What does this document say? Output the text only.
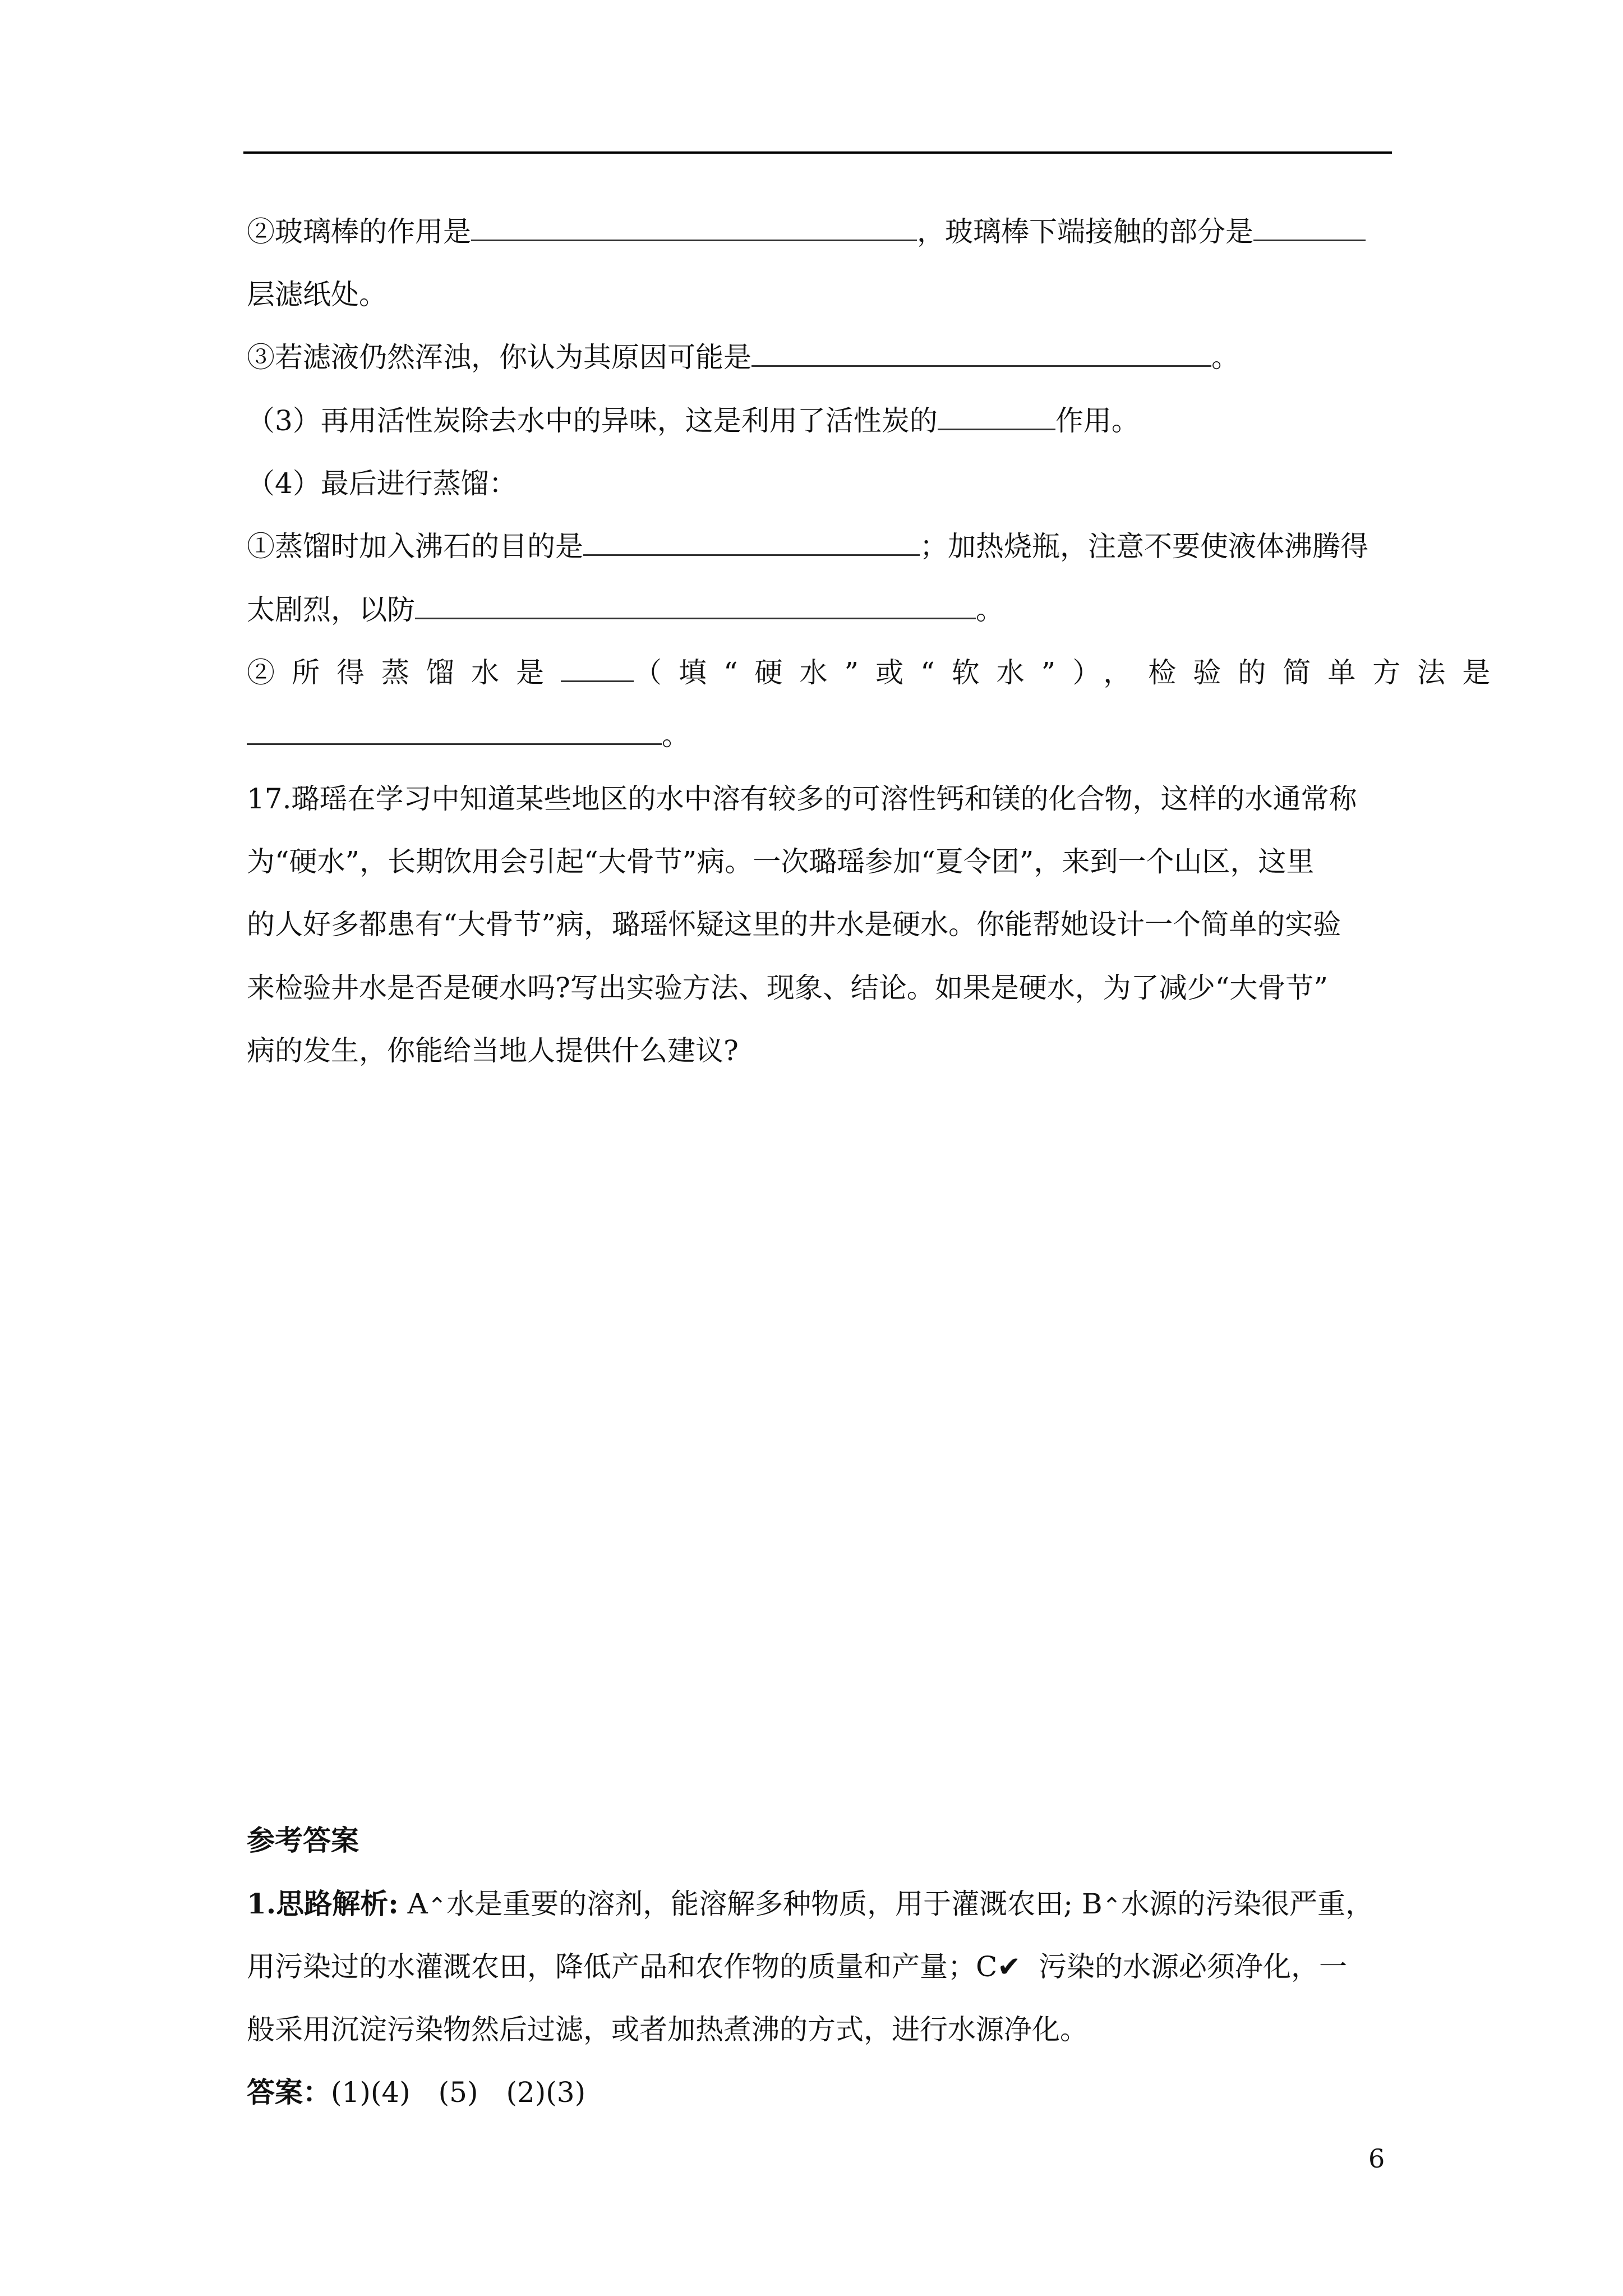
②玻璃棒的作用是	，玻璃棒下端接触的部分是
层滤纸处。
③若滤液仍然浑浊，你认为其原因可能是	。
（3）再用活性炭除去水中的异味，这是利用了活性炭的	作用。
（4）最后进行蒸馏：
①蒸馏时加入沸石的目的是	；加热烧瓶，注意不要使液体沸腾得
太剧烈，以防	。
②所得蒸馏水是	（填“硬水”或“软水”），检验的简单方法是
。
17.璐瑶在学习中知道某些地区的水中溶有较多的可溶性钙和镁的化合物，这样的水通常称
为“硬水”，长期饮用会引起“大骨节”病。一次璐瑶参加“夏令团”，来到一个山区，这里
的人好多都患有“大骨节”病，璐瑶怀疑这里的井水是硬水。你能帮她设计一个简单的实验
来检验井水是否是硬水吗?写出实验方法、现象、结论。如果是硬水，为了减少“大骨节”
病的发生，你能给当地人提供什么建议?
参考答案
1.思路解析: A⌃水是重要的溶剂，能溶解多种物质，用于灌溉农田; B⌃水源的污染很严重，
用污染过的水灌溉农田，降低产品和农作物的质量和产量；C✔ 污染的水源必须净化，一
般采用沉淀污染物然后过滤，或者加热煮沸的方式，进行水源净化。
答案：(1)(4)　(5)　(2)(3)
6
